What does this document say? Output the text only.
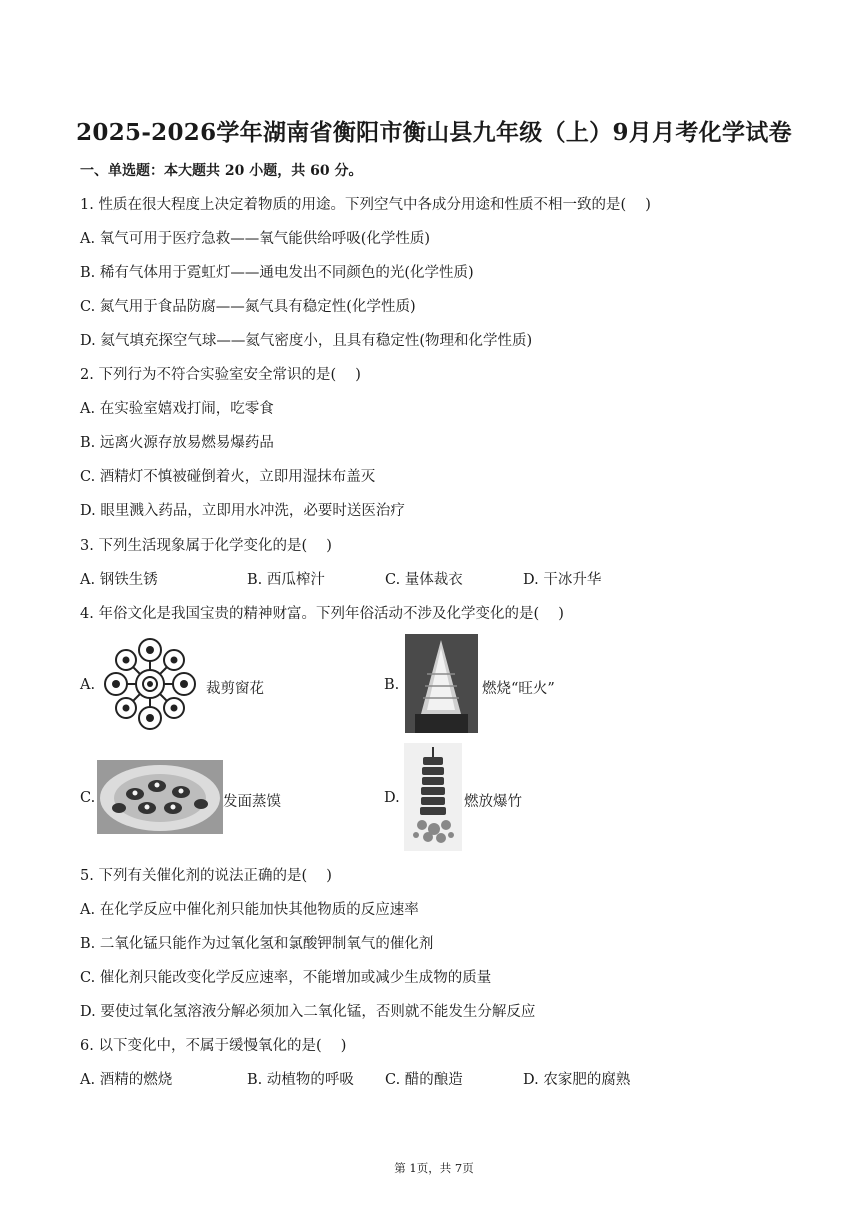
2025-2026学年湖南省衡阳市衡山县九年级（上）9月月考化学试卷
一、单选题：本大题共 20 小题，共 60 分。
1. 性质在很大程度上决定着物质的用途。下列空气中各成分用途和性质不相一致的是(　 )
A. 氧气可用于医疗急救——氧气能供给呼吸(化学性质)
B. 稀有气体用于霓虹灯——通电发出不同颜色的光(化学性质)
C. 氮气用于食品防腐——氮气具有稳定性(化学性质)
D. 氦气填充探空气球——氦气密度小，且具有稳定性(物理和化学性质)
2. 下列行为不符合实验室安全常识的是(　 )
A. 在实验室嬉戏打闹，吃零食
B. 远离火源存放易燃易爆药品
C. 酒精灯不慎被碰倒着火，立即用湿抹布盖灭
D. 眼里溅入药品，立即用水冲洗，必要时送医治疗
3. 下列生活现象属于化学变化的是(　 )
A. 钢铁生锈	B. 西瓜榨汁	C. 量体裁衣	D. 干冰升华
4. 年俗文化是我国宝贵的精神财富。下列年俗活动不涉及化学变化的是(　 )
A.	裁剪窗花	B.	燃烧“旺火”
C.	发面蒸馍	D.	燃放爆竹
5. 下列有关催化剂的说法正确的是(　 )
A. 在化学反应中催化剂只能加快其他物质的反应速率
B. 二氧化锰只能作为过氧化氢和氯酸钾制氧气的催化剂
C. 催化剂只能改变化学反应速率，不能增加或减少生成物的质量
D. 要使过氧化氢溶液分解必须加入二氧化锰，否则就不能发生分解反应
6. 以下变化中，不属于缓慢氧化的是(　 )
A. 酒精的燃烧	B. 动植物的呼吸 C. 醋的酿造	D. 农家肥的腐熟
第 1页，共 7页
